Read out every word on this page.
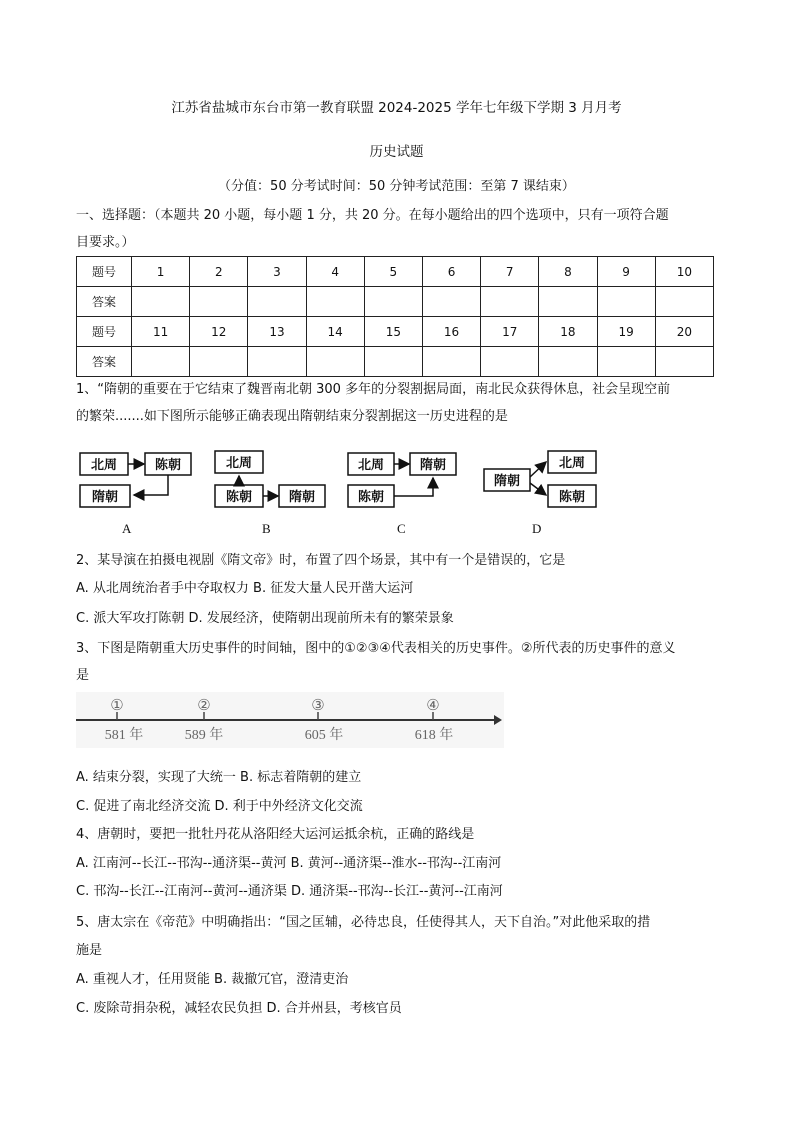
江苏省盐城市东台市第一教育联盟 2024-2025 学年七年级下学期 3 月月考
历史试题
（分值：50 分考试时间：50 分钟考试范围：至第 7 课结束）
一、选择题：（本题共 20 小题，每小题 1 分，共 20 分。在每小题给出的四个选项中，只有一项符合题
目要求。）
题号	1	2	3	4	5	6	7	8	9	10
答案										
题号	11	12	13	14	15	16	17	18	19	20
答案										
1、“隋朝的重要在于它结束了魏晋南北朝 300 多年的分裂割据局面，南北民众获得休息，社会呈现空前
的繁荣.......如下图所示能够正确表现出隋朝结束分裂割据这一历史进程的是
北周	陈朝
隋朝
A
北周
陈朝	隋朝
B
北周	隋朝
陈朝
C
隋朝
北周
陈朝
D
2、某导演在拍摄电视剧《隋文帝》时，布置了四个场景，其中有一个是错误的，它是
A. 从北周统治者手中夺取权力 B. 征发大量人民开凿大运河
C. 派大军攻打陈朝 D. 发展经济，使隋朝出现前所未有的繁荣景象
3、下图是隋朝重大历史事件的时间轴，图中的①②③④代表相关的历史事件。②所代表的历史事件的意义
是
①
581 年
②
589 年
③
605 年
④
618 年
A. 结束分裂，实现了大统一 B. 标志着隋朝的建立
C. 促进了南北经济交流 D. 利于中外经济文化交流
4、唐朝时，要把一批牡丹花从洛阳经大运河运抵余杭，正确的路线是
A. 江南河--长江--邗沟--通济渠--黄河 B. 黄河--通济渠--淮水--邗沟--江南河
C. 邗沟--长江--江南河--黄河--通济渠 D. 通济渠--邗沟--长江--黄河--江南河
5、唐太宗在《帝范》中明确指出：“国之匡辅，必待忠良，任使得其人，天下自治。”对此他采取的措
施是
A. 重视人才，任用贤能 B. 裁撤冗官，澄清吏治
C. 废除苛捐杂税，减轻农民负担 D. 合并州县，考核官员
